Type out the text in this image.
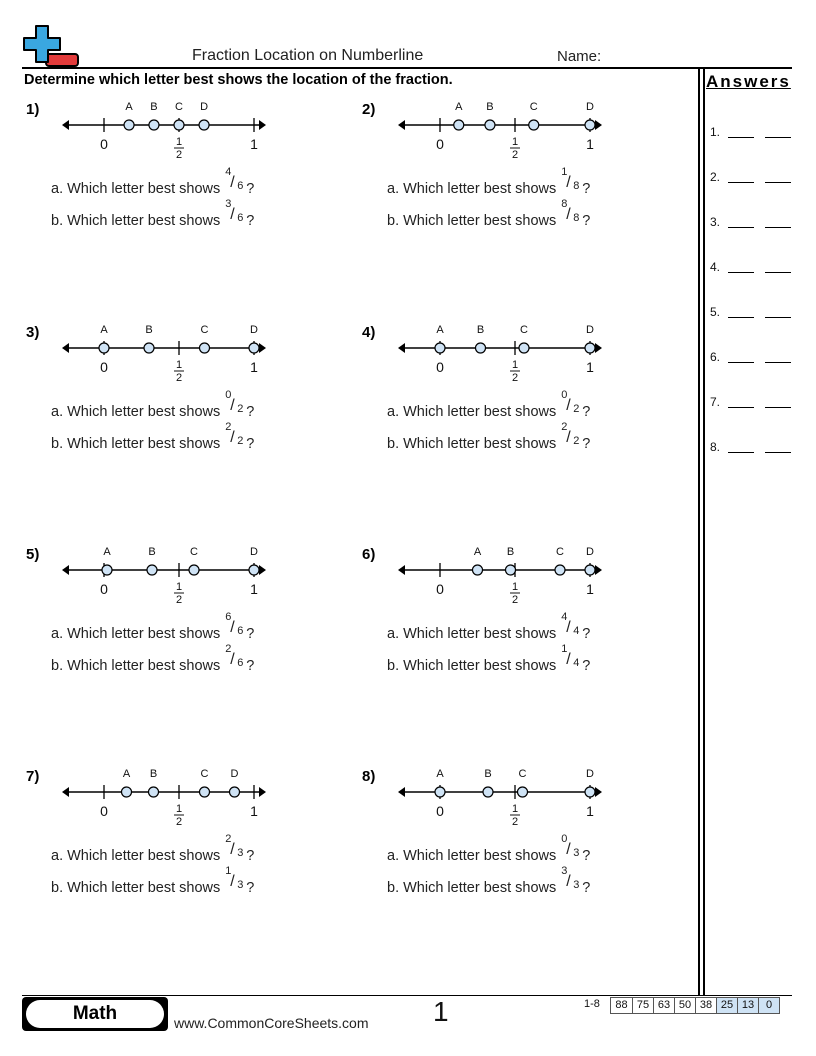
Fraction Location on Numberline	Name:
Determine which letter best shows the location of the fraction.	Answers
1.
2.
3.
4.
5.
6.
7.
8.
1)
0	1
2
1
A B C D
a. Which letter best shows
4
/ 6 ?
b. Which letter best shows
3
/ 6 ?
2)
0	1
2
1
A B	C	D
a. Which letter best shows
1
/ 8 ?
b. Which letter best shows
8
/ 8 ?
3)
0	1
2
1
A	B	C	D
a. Which letter best shows
0
/ 2 ?
b. Which letter best shows
2
/ 2 ?
4)
0	1
2
1
A	B	C	D
a. Which letter best shows
0
/ 2 ?
b. Which letter best shows
2
/ 2 ?
5)
0	1
2
1
A	B	C	D
a. Which letter best shows
6
/ 6 ?
b. Which letter best shows
2
/ 6 ?
6)
0	1
2
1
A B	C D
a. Which letter best shows
4
/ 4 ?
b. Which letter best shows
1
/ 4 ?
7)
0	1
2
1
A B	C D
a. Which letter best shows
2
/ 3 ?
b. Which letter best shows
1
/ 3 ?
8)
0	1
2
1
A	B C	D
a. Which letter best shows
0
/ 3 ?
b. Which letter best shows
3
/ 3 ?
Math	www.CommonCoreSheets.com 1	1-8	88 75 63 50 38 25 13	0
